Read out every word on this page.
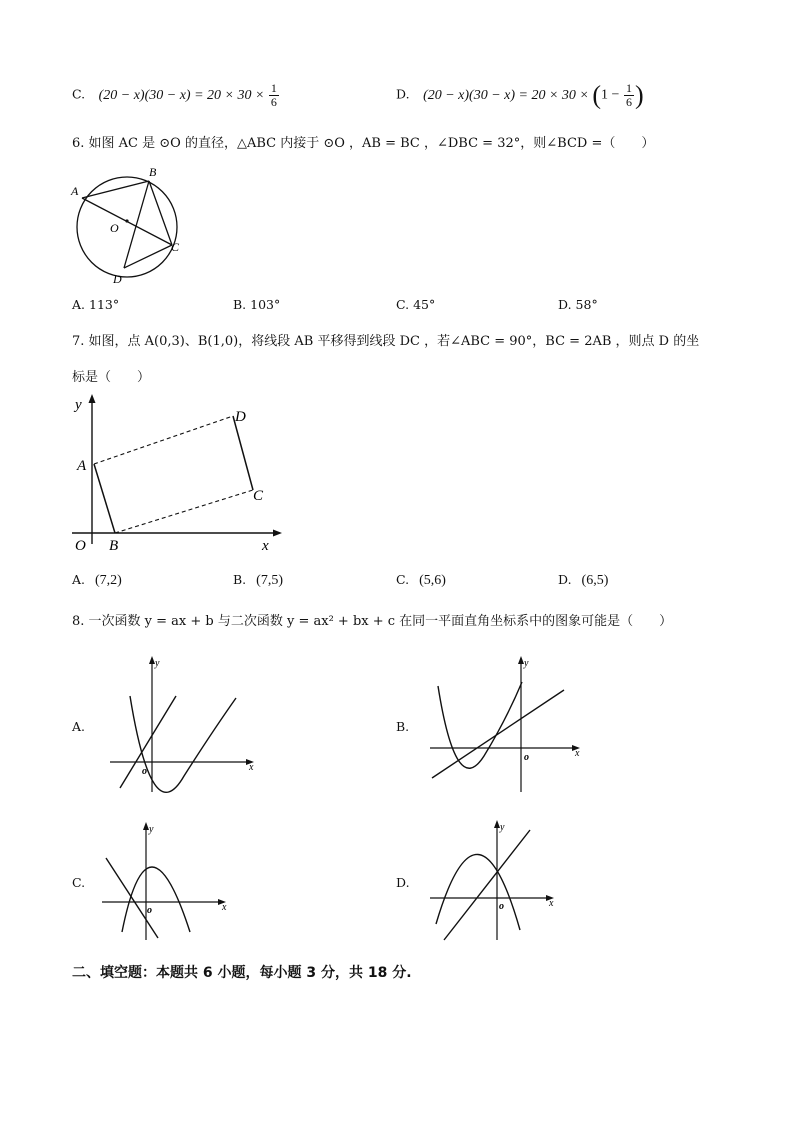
C. $(20 - x)(30 - x) = 20 \times 30 \times \frac{1}{6}$	D. $(20 - x)(30 - x) = 20 \times 30 \times (1 - \frac{1}{6}$ )
6. 如图 AC 是 ⊙O 的直径，△ABC 内接于 ⊙O ，AB = BC ，∠DBC = 32°，则∠BCD =（　　）
A
B
C
D
O
A. 113°	B. 103°	C. 45°	D. 58°
7. 如图，点 A(0,3)、B(1,0)，将线段 AB 平移得到线段 DC ，若∠ABC = 90°，BC = 2AB ，则点 D 的坐
标是（　　）
y
x
O
A
B
C
D
A. (7,2)	B. (7,5)	C. (5,6)	D. (6,5)
8. 一次函数 y = ax + b 与二次函数 y = ax² + bx + c 在同一平面直角坐标系中的图象可能是（　　）
A.
y
x
o
B.
y
x
o
C.
y
x
o
D.
y
x
o
二、填空题：本题共 6 小题，每小题 3 分，共 18 分.
